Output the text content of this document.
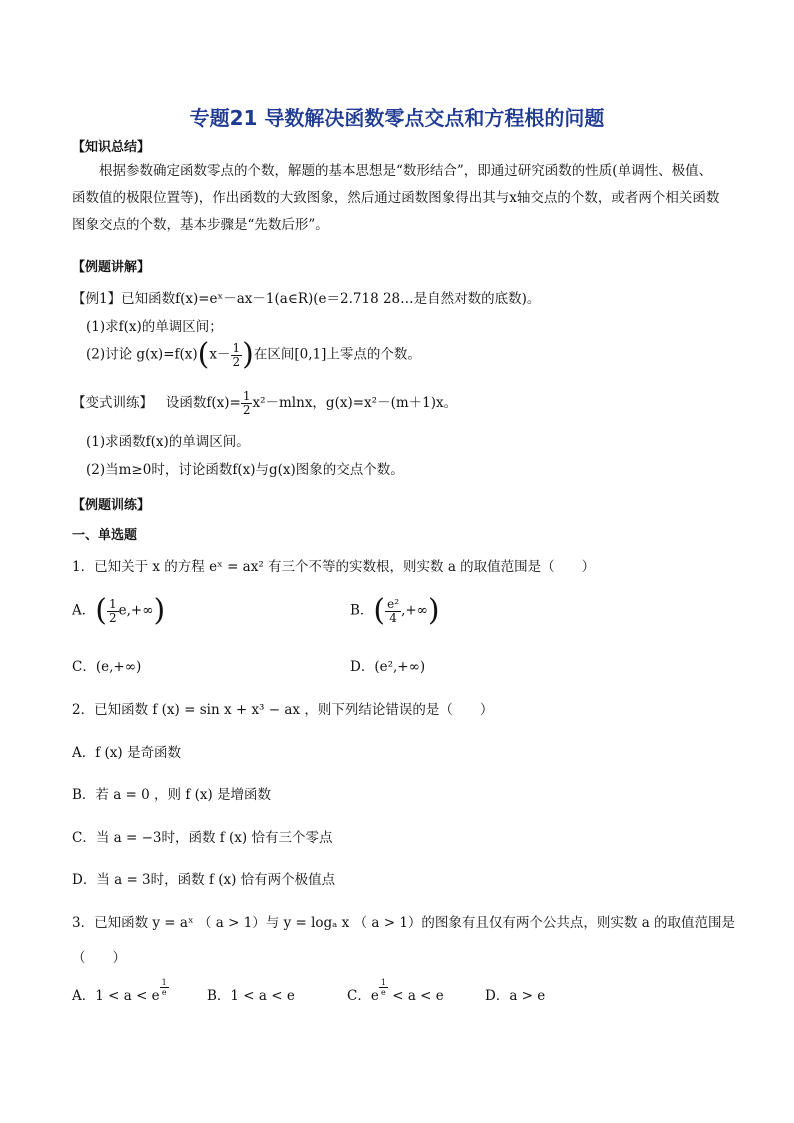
专题21 导数解决函数零点交点和方程根的问题
【知识总结】
根据参数确定函数零点的个数，解题的基本思想是“数形结合”，即通过研究函数的性质(单调性、极值、函数值的极限位置等)，作出函数的大致图象，然后通过函数图象得出其与x轴交点的个数，或者两个相关函数图象交点的个数，基本步骤是“先数后形”。
【例题讲解】
【例1】已知函数f(x)=eˣ－ax－1(a∈R)(e＝2.718 28…是自然对数的底数)。
(1)求f(x)的单调区间；
(2)讨论 $g(x)=f(x)(x- \frac{1}{2}$ )在区间[0,1]上零点的个数。
【变式训练】 设函数$f(x)= \frac{1}{2} x^2-mlnx$，g(x)=x²－(m＋1)x。
(1)求函数f(x)的单调区间。
(2)当m≥0时，讨论函数f(x)与g(x)图象的交点个数。
【例题训练】
一、单选题
1．已知关于 x 的方程 eˣ = ax² 有三个不等的实数根，则实数 a 的取值范围是（　　）
A．( $\frac{1}{2} e,+\infty$)	B．( $\frac{\text{e²}}{4}$ ,+∞)
C．(e,+∞)	D．(e²,+∞)
2．已知函数 f (x) = sin x + x³ − ax ，则下列结论错误的是（　　）
A．f (x) 是奇函数
B．若 a = 0 ，则 f (x) 是增函数
C．当 a = −3时，函数 f (x) 恰有三个零点
D．当 a = 3时，函数 f (x) 恰有两个极值点
3．已知函数 y = aˣ （ a > 1）与 y = logₐ x （ a > 1）的图象有且仅有两个公共点，则实数 a 的取值范围是
（　　）
A．1 < a < e $\frac{1}{e}$	B．1 < a < e	C．e $\frac{1}{e} < a < e$	D．a > e
